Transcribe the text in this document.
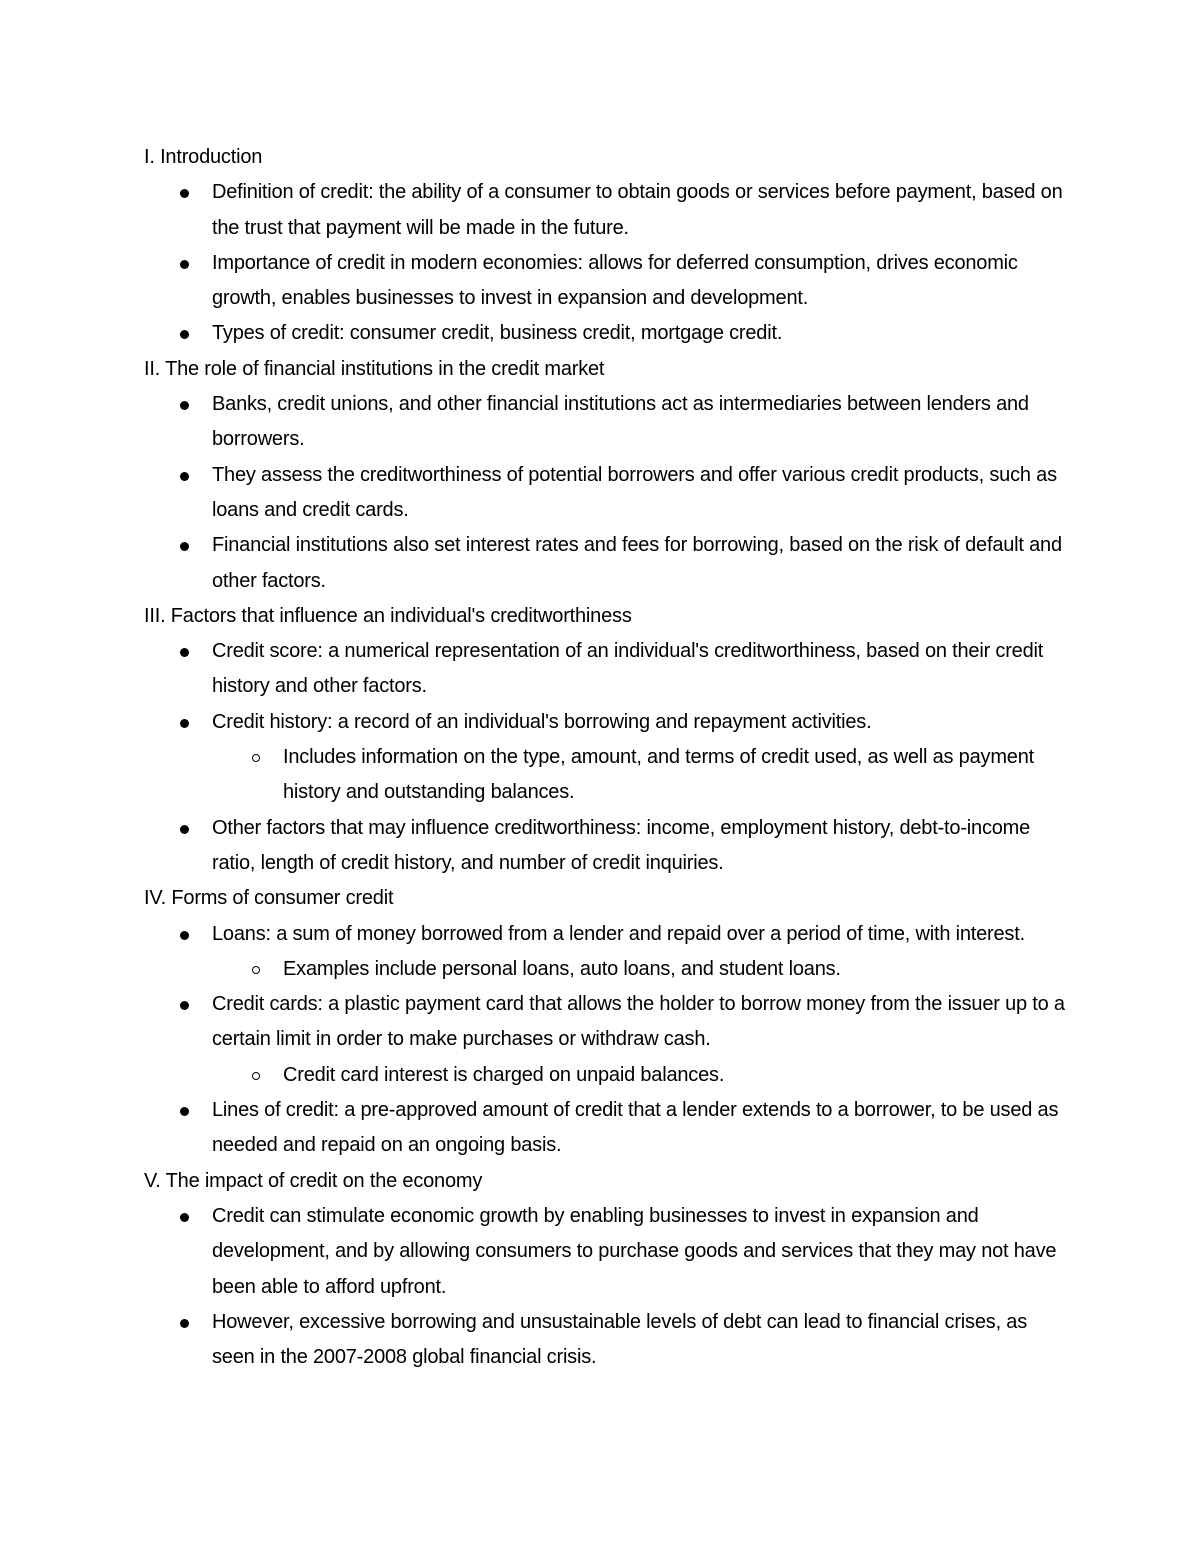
I. Introduction
Definition of credit: the ability of a consumer to obtain goods or services before payment, based on the trust that payment will be made in the future.
Importance of credit in modern economies: allows for deferred consumption, drives economic growth, enables businesses to invest in expansion and development.
Types of credit: consumer credit, business credit, mortgage credit.
II. The role of financial institutions in the credit market
Banks, credit unions, and other financial institutions act as intermediaries between lenders and borrowers.
They assess the creditworthiness of potential borrowers and offer various credit products, such as loans and credit cards.
Financial institutions also set interest rates and fees for borrowing, based on the risk of default and other factors.
III. Factors that influence an individual's creditworthiness
Credit score: a numerical representation of an individual's creditworthiness, based on their credit history and other factors.
Credit history: a record of an individual's borrowing and repayment activities.
Includes information on the type, amount, and terms of credit used, as well as payment history and outstanding balances.
Other factors that may influence creditworthiness: income, employment history, debt-to-income ratio, length of credit history, and number of credit inquiries.
IV. Forms of consumer credit
Loans: a sum of money borrowed from a lender and repaid over a period of time, with interest.
Examples include personal loans, auto loans, and student loans.
Credit cards: a plastic payment card that allows the holder to borrow money from the issuer up to a certain limit in order to make purchases or withdraw cash.
Credit card interest is charged on unpaid balances.
Lines of credit: a pre-approved amount of credit that a lender extends to a borrower, to be used as needed and repaid on an ongoing basis.
V. The impact of credit on the economy
Credit can stimulate economic growth by enabling businesses to invest in expansion and development, and by allowing consumers to purchase goods and services that they may not have been able to afford upfront.
However, excessive borrowing and unsustainable levels of debt can lead to financial crises, as seen in the 2007-2008 global financial crisis.
